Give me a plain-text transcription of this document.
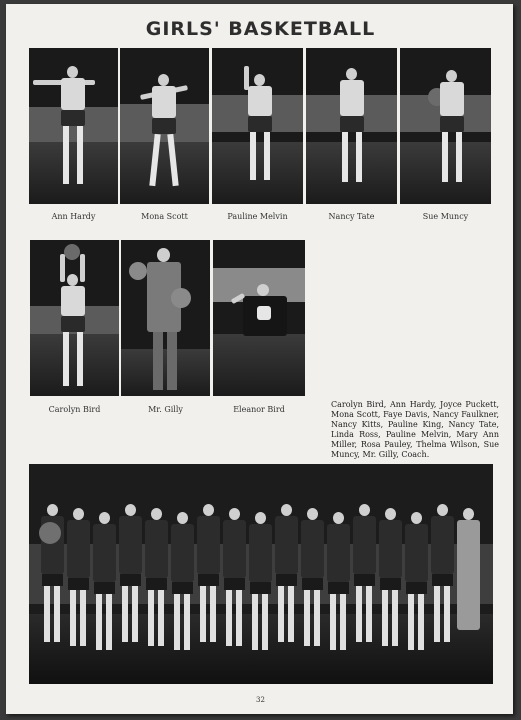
GIRLS' BASKETBALL
Ann Hardy	Mona Scott	Pauline Melvin	Nancy Tate	Sue Muncy
Carolyn Bird	Mr. Gilly	Eleanor Bird
Carolyn Bird, Ann Hardy, Joyce Puckett, Mona Scott, Faye Davis, Nancy Faulkner, Nancy Kitts, Pauline King, Nancy Tate, Linda Ross, Pauline Melvin, Mary Ann Miller, Rosa Pauley, Thelma Wilson, Sue Muncy, Mr. Gilly, Coach.
32
